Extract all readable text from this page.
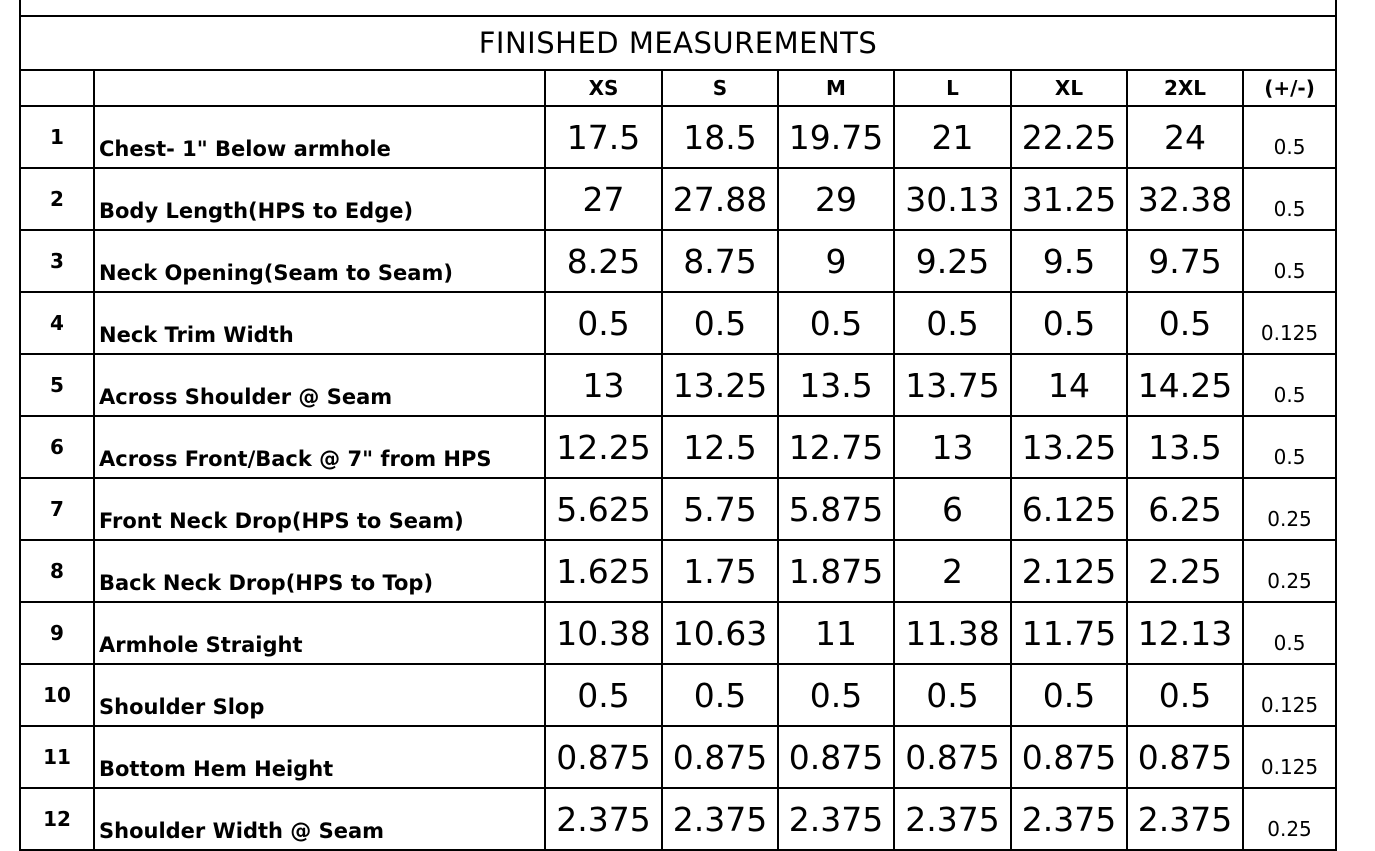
FINISHED MEASUREMENTS								
		XS	S	M	L	XL	2XL	(+/-)
1	Chest- 1" Below armhole	17.5	18.5	19.75	21	22.25	24	0.5
2	Body Length(HPS to Edge)	27	27.88	29	30.13	31.25	32.38	0.5
3	Neck Opening(Seam to Seam)	8.25	8.75	9	9.25	9.5	9.75	0.5
4	Neck Trim Width	0.5	0.5	0.5	0.5	0.5	0.5	0.125
5	Across Shoulder @ Seam	13	13.25	13.5	13.75	14	14.25	0.5
6	Across Front/Back @ 7" from HPS	12.25	12.5	12.75	13	13.25	13.5	0.5
7	Front Neck Drop(HPS to Seam)	5.625	5.75	5.875	6	6.125	6.25	0.25
8	Back Neck Drop(HPS to Top)	1.625	1.75	1.875	2	2.125	2.25	0.25
9	Armhole Straight	10.38	10.63	11	11.38	11.75	12.13	0.5
10	Shoulder Slop	0.5	0.5	0.5	0.5	0.5	0.5	0.125
11	Bottom Hem Height	0.875	0.875	0.875	0.875	0.875	0.875	0.125
12	Shoulder Width @ Seam	2.375	2.375	2.375	2.375	2.375	2.375	0.25
